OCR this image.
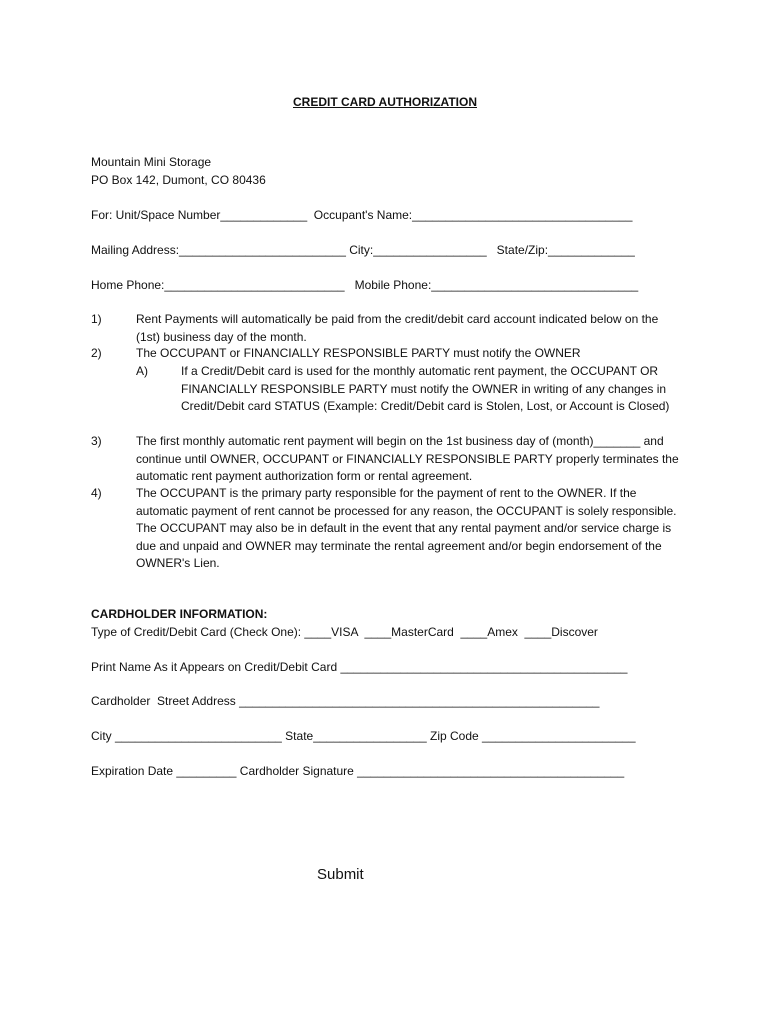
CREDIT CARD AUTHORIZATION
Mountain Mini Storage
PO Box 142, Dumont, CO 80436
For: Unit/Space Number_____________  Occupant's Name:_________________________________
Mailing Address:_________________________ City:_________________   State/Zip:_____________
Home Phone:___________________________   Mobile Phone:_______________________________
1)	Rent Payments will automatically be paid from the credit/debit card account indicated below on the (1st) business day of the month.
2)	The OCCUPANT or FINANCIALLY RESPONSIBLE PARTY must notify the OWNER
A)	If a Credit/Debit card is used for the monthly automatic rent payment, the OCCUPANT OR FINANCIALLY RESPONSIBLE PARTY must notify the OWNER in writing of any changes in Credit/Debit card STATUS (Example: Credit/Debit card is Stolen, Lost, or Account is Closed)
3)	The first monthly automatic rent payment will begin on the 1st business day of (month)_______ and continue until OWNER, OCCUPANT or FINANCIALLY RESPONSIBLE PARTY properly terminates the automatic rent payment authorization form or rental agreement.
4)	The OCCUPANT is the primary party responsible for the payment of rent to the OWNER. If the automatic payment of rent cannot be processed for any reason, the OCCUPANT is solely responsible. The OCCUPANT may also be in default in the event that any rental payment and/or service charge is due and unpaid and OWNER may terminate the rental agreement and/or begin endorsement of the OWNER's Lien.
CARDHOLDER INFORMATION:
Type of Credit/Debit Card (Check One): ____VISA  ____MasterCard  ____Amex  ____Discover
Print Name As it Appears on Credit/Debit Card ___________________________________________
Cardholder  Street Address ______________________________________________________
City _________________________ State_________________ Zip Code _______________________
Expiration Date _________ Cardholder Signature ________________________________________
Submit
